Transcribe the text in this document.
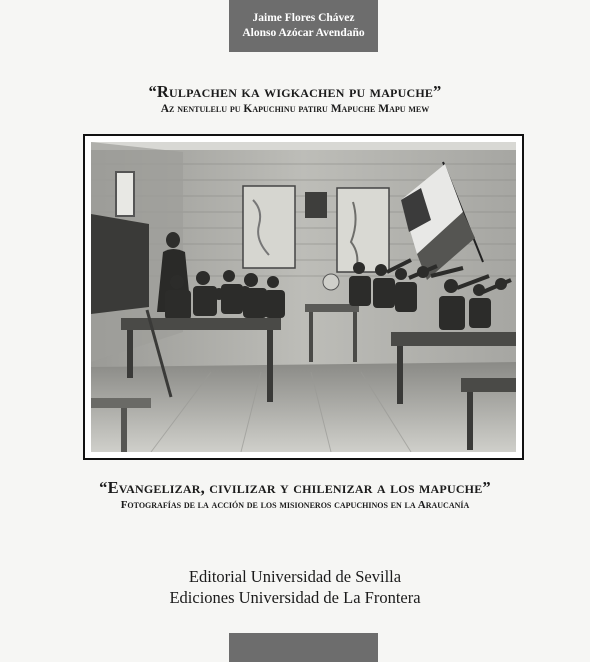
Jaime Flores Chávez
Alonso Azócar Avendaño
“Rulpachen ka wigkachen pu mapuche”
Az nentulelu pu Kapuchinu patiru Mapuche Mapu mew
“Evangelizar, civilizar y chilenizar a los mapuche”
Fotografías de la acción de los misioneros capuchinos en la Araucanía
Editorial Universidad de Sevilla
Ediciones Universidad de La Frontera
